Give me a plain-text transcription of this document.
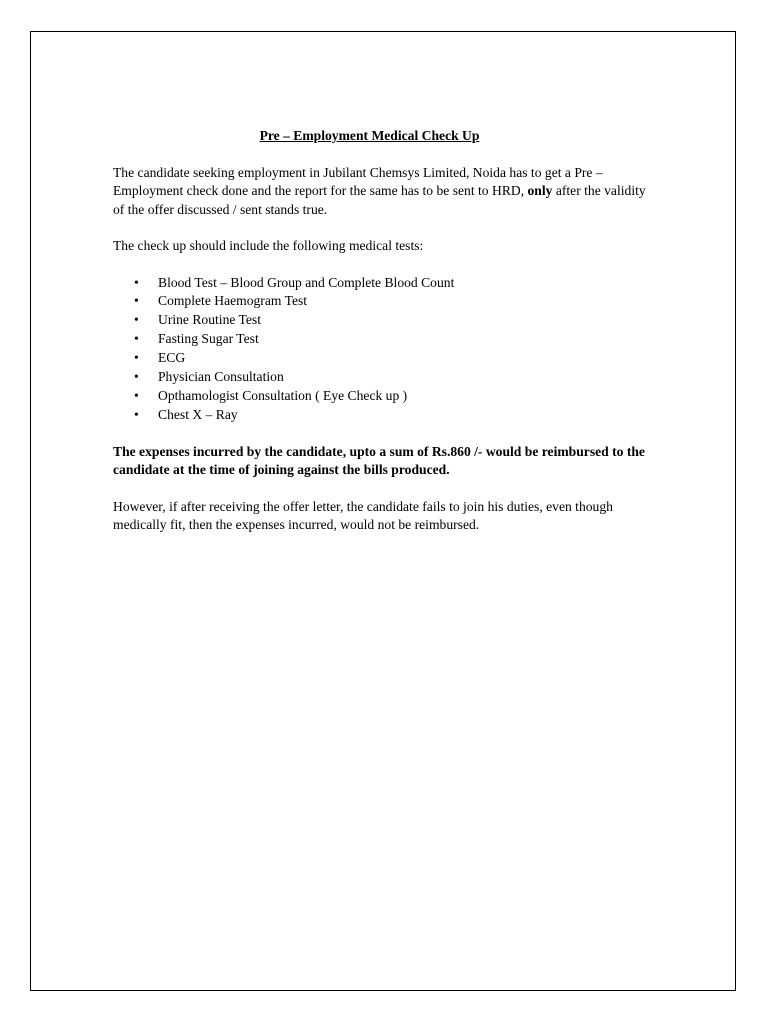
Pre – Employment Medical Check Up

The candidate seeking employment in Jubilant Chemsys Limited, Noida has to get a Pre – Employment check done and the report for the same has to be sent to HRD, only after the validity of the offer discussed / sent stands true.

The check up should include the following medical tests:

• Blood Test – Blood Group and Complete Blood Count
• Complete Haemogram Test
• Urine Routine Test
• Fasting Sugar Test
• ECG
• Physician Consultation
• Opthamologist Consultation ( Eye Check up )
• Chest X – Ray

The expenses incurred by the candidate, upto a sum of Rs.860 /- would be reimbursed to the candidate at the time of joining against the bills produced.

However, if after receiving the offer letter, the candidate fails to join his duties, even though medically fit, then the expenses incurred, would not be reimbursed.
